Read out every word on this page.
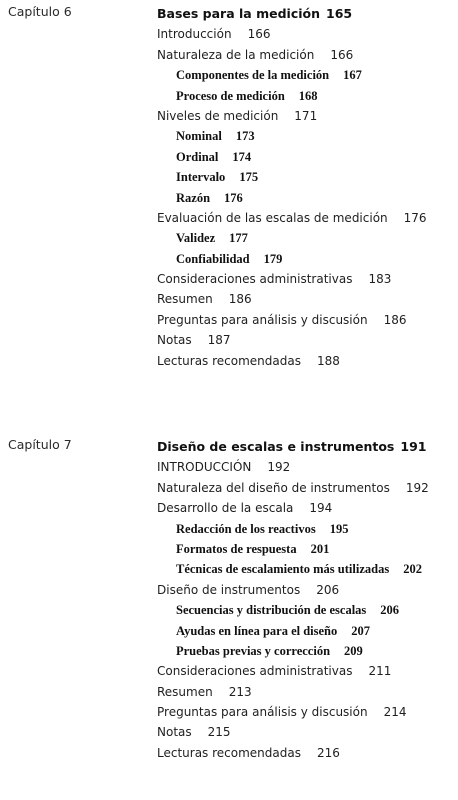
Capítulo 6	Bases para la medición 165
Introducción 166
Naturaleza de la medición 166
Componentes de la medición 167
Proceso de medición 168
Niveles de medición 171
Nominal 173
Ordinal 174
Intervalo 175
Razón 176
Evaluación de las escalas de medición 176
Validez 177
Confiabilidad 179
Consideraciones administrativas 183
Resumen 186
Preguntas para análisis y discusión 186
Notas 187
Lecturas recomendadas 188
Capítulo 7	Diseño de escalas e instrumentos 191
INTRODUCCIÓN 192
Naturaleza del diseño de instrumentos 192
Desarrollo de la escala 194
Redacción de los reactivos 195
Formatos de respuesta 201
Técnicas de escalamiento más utilizadas 202
Diseño de instrumentos 206
Secuencias y distribución de escalas 206
Ayudas en línea para el diseño 207
Pruebas previas y corrección 209
Consideraciones administrativas 211
Resumen 213
Preguntas para análisis y discusión 214
Notas 215
Lecturas recomendadas 216
